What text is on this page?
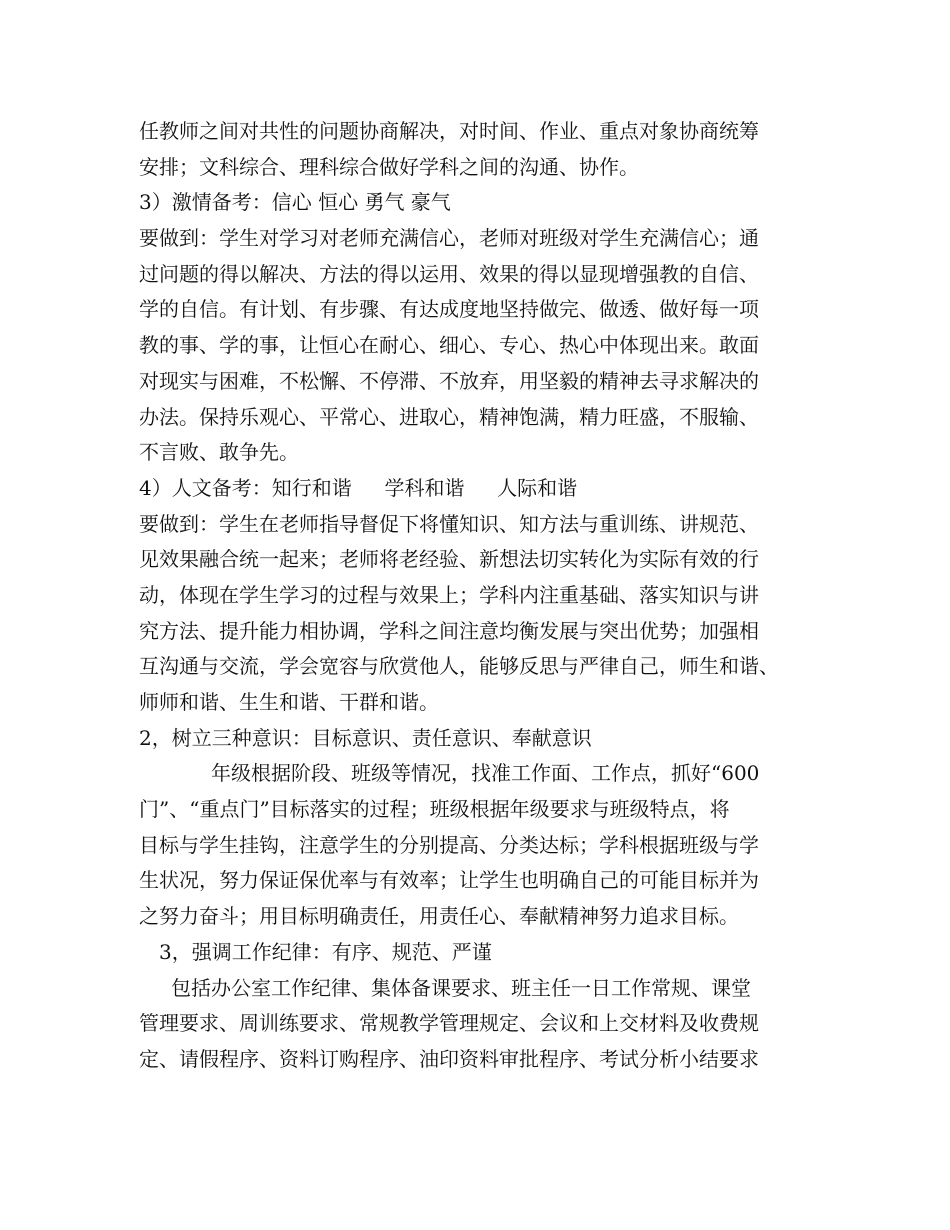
任教师之间对共性的问题协商解决，对时间、作业、重点对象协商统筹
安排；文科综合、理科综合做好学科之间的沟通、协作。
3）激情备考：信心 恒心 勇气 豪气
要做到：学生对学习对老师充满信心，老师对班级对学生充满信心；通
过问题的得以解决、方法的得以运用、效果的得以显现增强教的自信、
学的自信。有计划、有步骤、有达成度地坚持做完、做透、做好每一项
教的事、学的事，让恒心在耐心、细心、专心、热心中体现出来。敢面
对现实与困难，不松懈、不停滞、不放弃，用坚毅的精神去寻求解决的
办法。保持乐观心、平常心、进取心，精神饱满，精力旺盛，不服输、
不言败、敢争先。
4）人文备考：知行和谐　  学科和谐　  人际和谐
要做到：学生在老师指导督促下将懂知识、知方法与重训练、讲规范、
见效果融合统一起来；老师将老经验、新想法切实转化为实际有效的行
动，体现在学生学习的过程与效果上；学科内注重基础、落实知识与讲
究方法、提升能力相协调，学科之间注意均衡发展与突出优势；加强相
互沟通与交流，学会宽容与欣赏他人，能够反思与严律自己，师生和谐、
师师和谐、生生和谐、干群和谐。
2，树立三种意识：目标意识、责任意识、奉献意识
年级根据阶段、班级等情况，找准工作面、工作点，抓好“600
门”、“重点门”目标落实的过程；班级根据年级要求与班级特点，将
目标与学生挂钩，注意学生的分别提高、分类达标；学科根据班级与学
生状况，努力保证保优率与有效率；让学生也明确自己的可能目标并为
之努力奋斗；用目标明确责任，用责任心、奉献精神努力追求目标。
3，强调工作纪律：有序、规范、严谨
包括办公室工作纪律、集体备课要求、班主任一日工作常规、课堂
管理要求、周训练要求、常规教学管理规定、会议和上交材料及收费规
定、请假程序、资料订购程序、油印资料审批程序、考试分析小结要求
